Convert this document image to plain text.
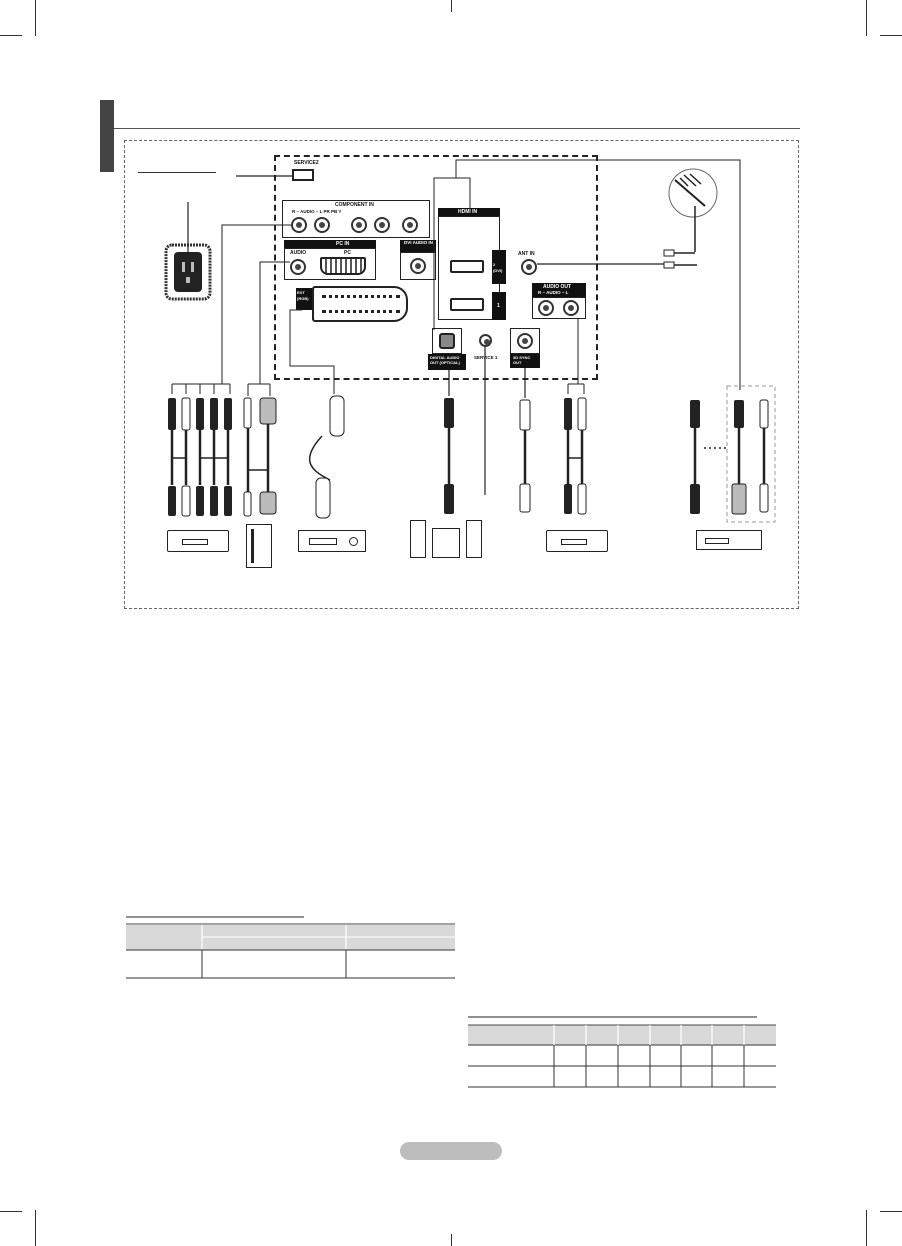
SERVICE2
COMPONENT IN
R – AUDIO – L PR PB Y	HDMI IN
2 (DVI)
1
PC IN
AUDIO	PC
DVI AUDIO IN
ANT IN
AUDIO OUT
R – AUDIO – L
EXT (RGB)
DIGITAL AUDIO OUT (OPTICAL)
SERVICE 1	3D SYNC OUT
